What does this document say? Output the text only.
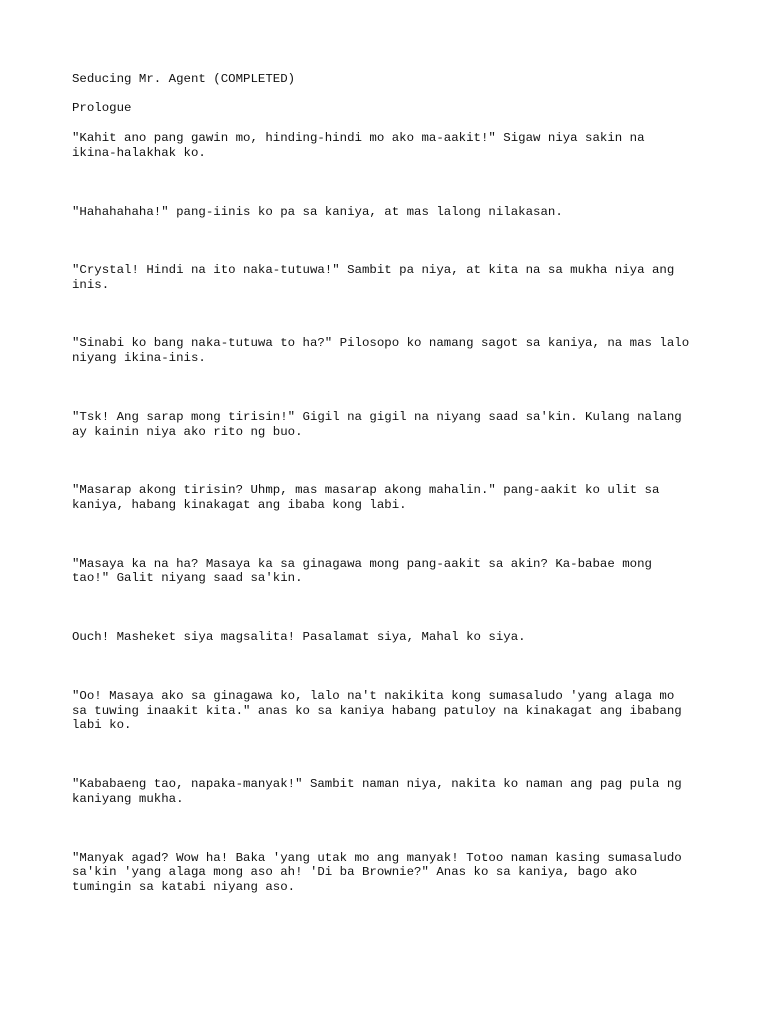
Seducing Mr. Agent (COMPLETED)
Prologue
"Kahit ano pang gawin mo, hinding-hindi mo ako ma-aakit!" Sigaw niya sakin na
ikina-halakhak ko.
"Hahahahaha!" pang-iinis ko pa sa kaniya, at mas lalong nilakasan.
"Crystal! Hindi na ito naka-tutuwa!" Sambit pa niya, at kita na sa mukha niya ang
inis.
"Sinabi ko bang naka-tutuwa to ha?" Pilosopo ko namang sagot sa kaniya, na mas lalo
niyang ikina-inis.
"Tsk! Ang sarap mong tirisin!" Gigil na gigil na niyang saad sa'kin. Kulang nalang
ay kainin niya ako rito ng buo.
"Masarap akong tirisin? Uhmp, mas masarap akong mahalin." pang-aakit ko ulit sa
kaniya, habang kinakagat ang ibaba kong labi.
"Masaya ka na ha? Masaya ka sa ginagawa mong pang-aakit sa akin? Ka-babae mong
tao!" Galit niyang saad sa'kin.
Ouch! Masheket siya magsalita! Pasalamat siya, Mahal ko siya.
"Oo! Masaya ako sa ginagawa ko, lalo na't nakikita kong sumasaludo 'yang alaga mo
sa tuwing inaakit kita." anas ko sa kaniya habang patuloy na kinakagat ang ibabang
labi ko.
"Kababaeng tao, napaka-manyak!" Sambit naman niya, nakita ko naman ang pag pula ng
kaniyang mukha.
"Manyak agad? Wow ha! Baka 'yang utak mo ang manyak! Totoo naman kasing sumasaludo
sa'kin 'yang alaga mong aso ah! 'Di ba Brownie?" Anas ko sa kaniya, bago ako
tumingin sa katabi niyang aso.
